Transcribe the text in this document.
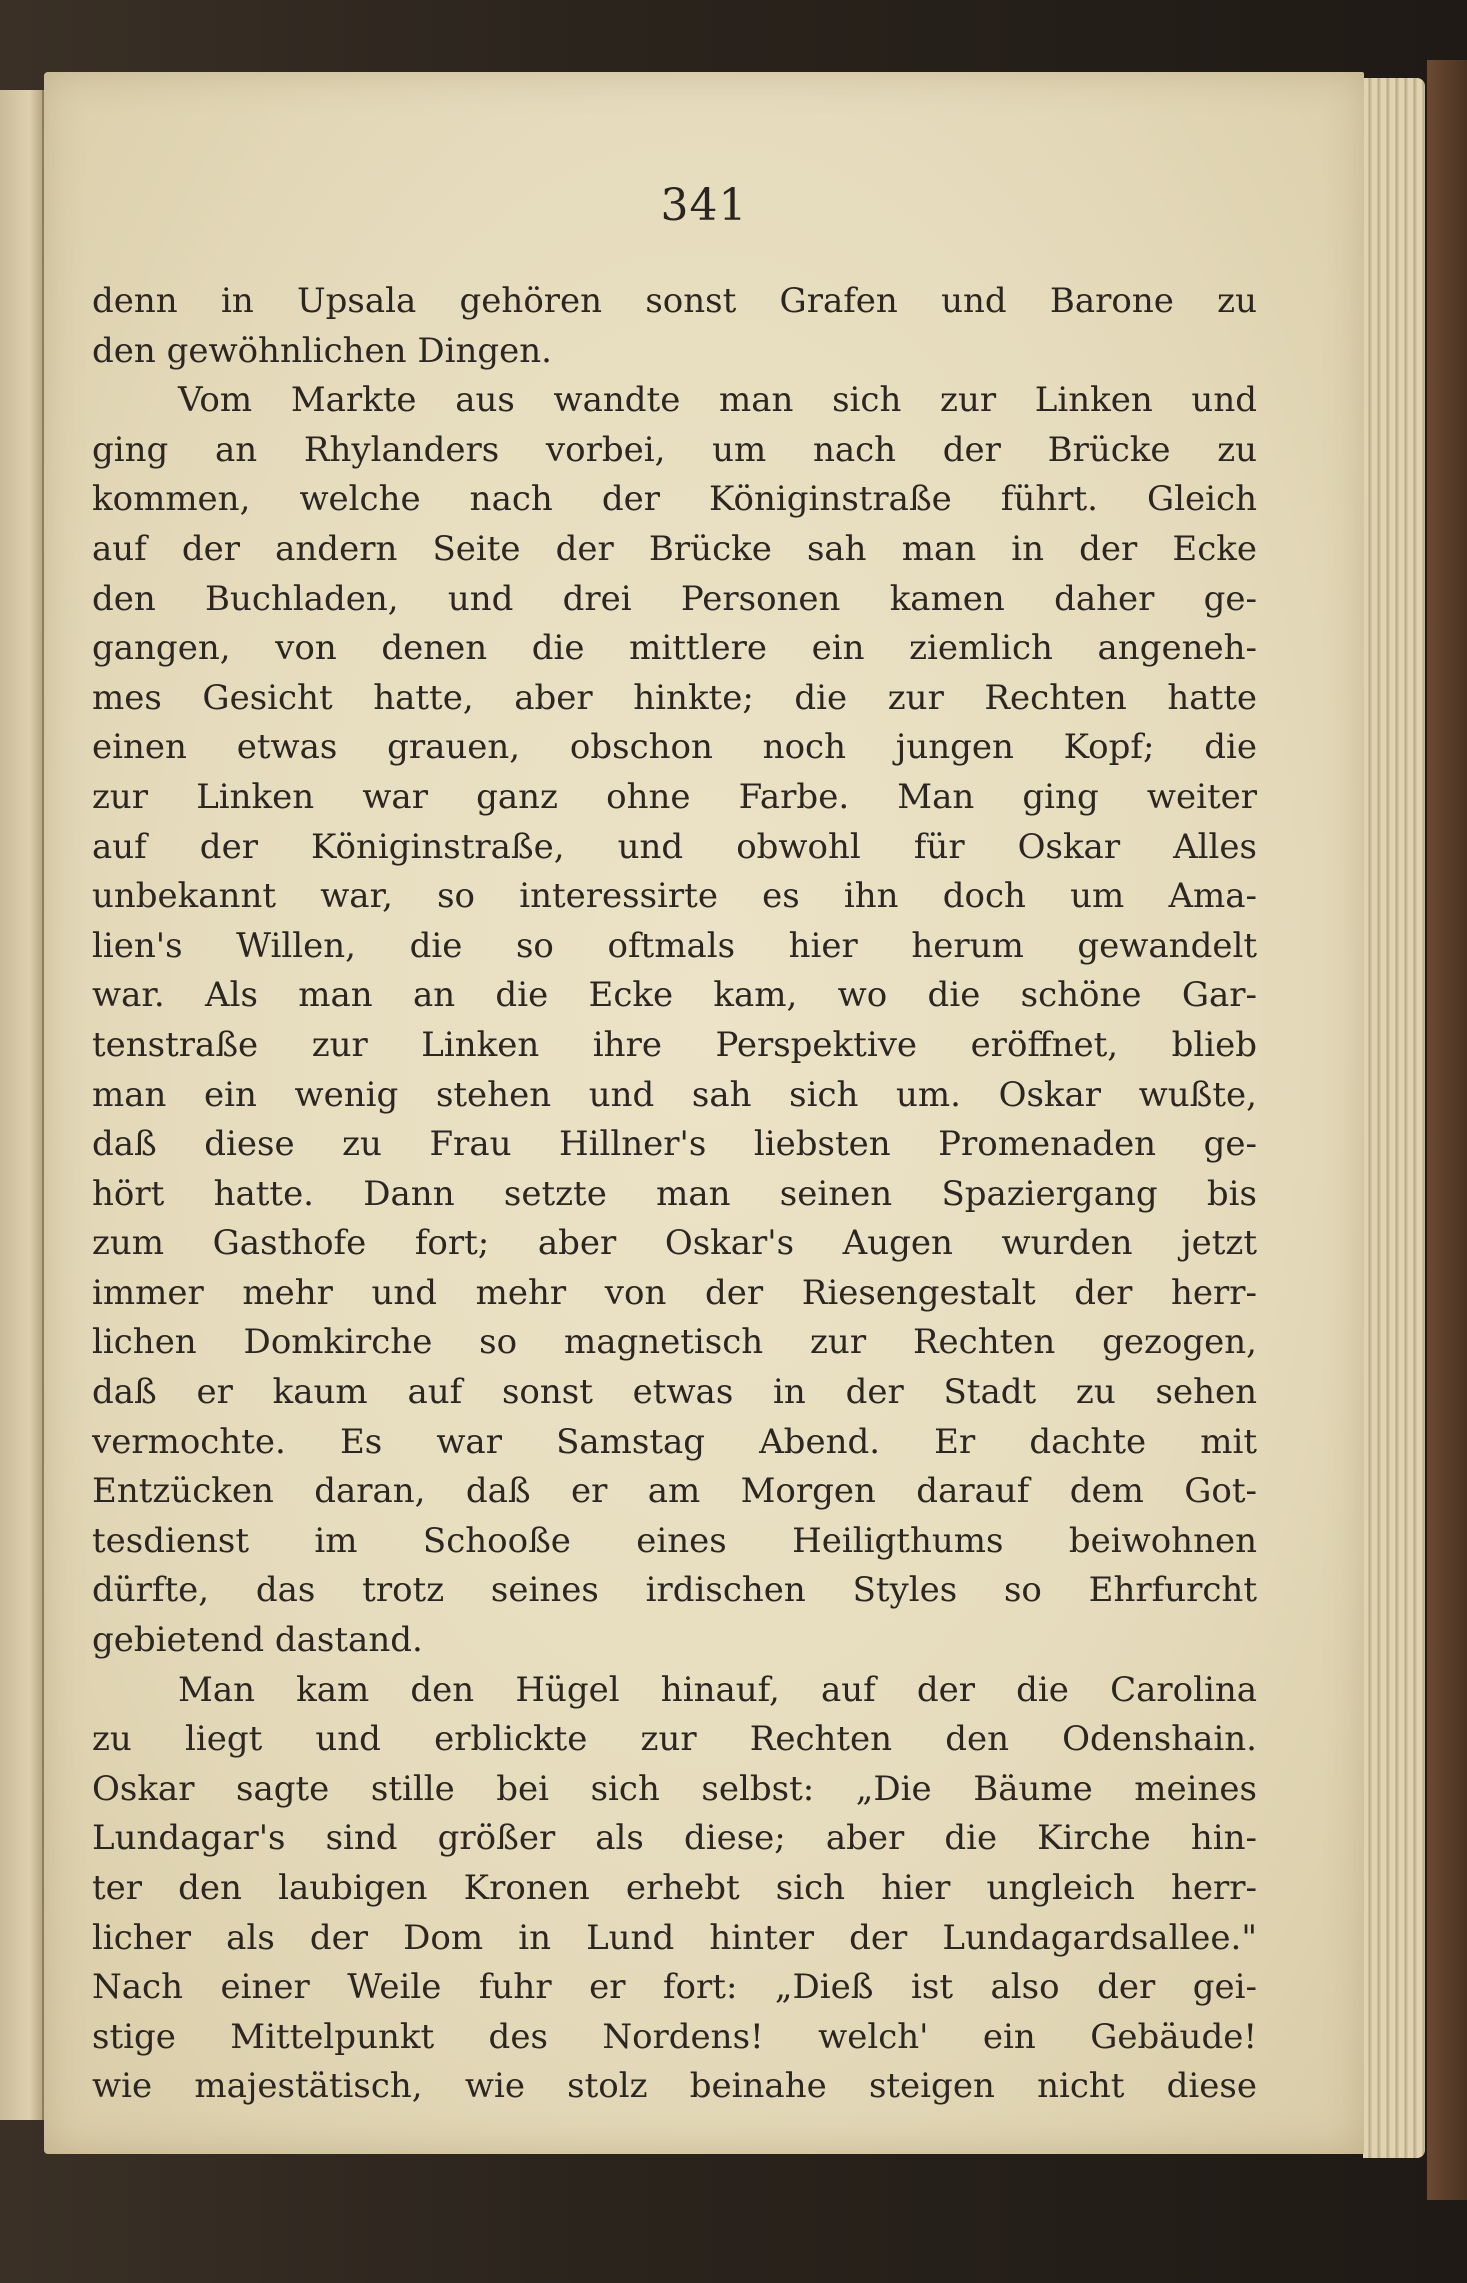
341
denn in Upsala gehören sonst Grafen und Barone zu
den gewöhnlichen Dingen.
Vom Markte aus wandte man sich zur Linken und
ging an Rhylanders vorbei, um nach der Brücke zu
kommen, welche nach der Königinstraße führt. Gleich
auf der andern Seite der Brücke sah man in der Ecke
den Buchladen, und drei Personen kamen daher ge-
gangen, von denen die mittlere ein ziemlich angeneh-
mes Gesicht hatte, aber hinkte; die zur Rechten hatte
einen etwas grauen, obschon noch jungen Kopf; die
zur Linken war ganz ohne Farbe. Man ging weiter
auf der Königinstraße, und obwohl für Oskar Alles
unbekannt war, so interessirte es ihn doch um Ama-
lien's Willen, die so oftmals hier herum gewandelt
war. Als man an die Ecke kam, wo die schöne Gar-
tenstraße zur Linken ihre Perspektive eröffnet, blieb
man ein wenig stehen und sah sich um. Oskar wußte,
daß diese zu Frau Hillner's liebsten Promenaden ge-
hört hatte. Dann setzte man seinen Spaziergang bis
zum Gasthofe fort; aber Oskar's Augen wurden jetzt
immer mehr und mehr von der Riesengestalt der herr-
lichen Domkirche so magnetisch zur Rechten gezogen,
daß er kaum auf sonst etwas in der Stadt zu sehen
vermochte. Es war Samstag Abend. Er dachte mit
Entzücken daran, daß er am Morgen darauf dem Got-
tesdienst im Schooße eines Heiligthums beiwohnen
dürfte, das trotz seines irdischen Styles so Ehrfurcht
gebietend dastand.
Man kam den Hügel hinauf, auf der die Carolina
zu liegt und erblickte zur Rechten den Odenshain.
Oskar sagte stille bei sich selbst: „Die Bäume meines
Lundagar's sind größer als diese; aber die Kirche hin-
ter den laubigen Kronen erhebt sich hier ungleich herr-
licher als der Dom in Lund hinter der Lundagardsallee."
Nach einer Weile fuhr er fort: „Dieß ist also der gei-
stige Mittelpunkt des Nordens! welch' ein Gebäude!
wie majestätisch, wie stolz beinahe steigen nicht diese
